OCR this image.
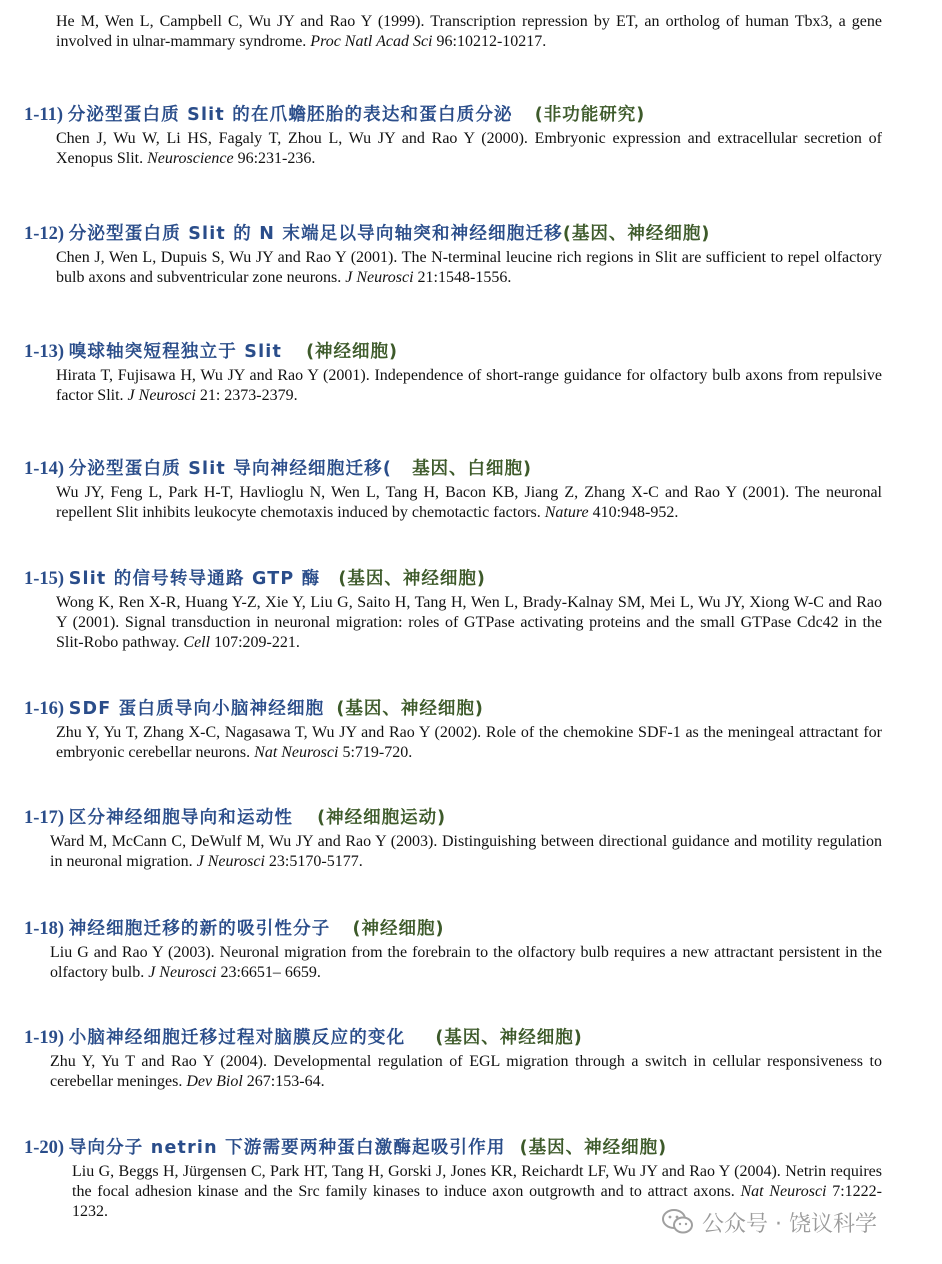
He M, Wen L, Campbell C, Wu JY and Rao Y (1999). Transcription repression by ET, an ortholog of human Tbx3, a gene involved in ulnar-mammary syndrome. Proc Natl Acad Sci 96:10212-10217.
1-11) 分泌型蛋白质 Slit 的在爪蟾胚胎的表达和蛋白质分泌 (非功能研究)
Chen J, Wu W, Li HS, Fagaly T, Zhou L, Wu JY and Rao Y (2000). Embryonic expression and extracellular secretion of Xenopus Slit. Neuroscience 96:231-236.
1-12) 分泌型蛋白质 Slit 的 N 末端足以导向轴突和神经细胞迁移(基因、神经细胞)
Chen J, Wen L, Dupuis S, Wu JY and Rao Y (2001). The N-terminal leucine rich regions in Slit are sufficient to repel olfactory bulb axons and subventricular zone neurons. J Neurosci 21:1548-1556.
1-13) 嗅球轴突短程独立于 Slit (神经细胞)
Hirata T, Fujisawa H, Wu JY and Rao Y (2001). Independence of short-range guidance for olfactory bulb axons from repulsive factor Slit. J Neurosci 21: 2373-2379.
1-14) 分泌型蛋白质 Slit 导向神经细胞迁移( 基因、白细胞)
Wu JY, Feng L, Park H-T, Havlioglu N, Wen L, Tang H, Bacon KB, Jiang Z, Zhang X-C and Rao Y (2001). The neuronal repellent Slit inhibits leukocyte chemotaxis induced by chemotactic factors. Nature 410:948-952.
1-15) Slit 的信号转导通路 GTP 酶 (基因、神经细胞)
Wong K, Ren X-R, Huang Y-Z, Xie Y, Liu G, Saito H, Tang H, Wen L, Brady-Kalnay SM, Mei L, Wu JY, Xiong W-C and Rao Y (2001). Signal transduction in neuronal migration: roles of GTPase activating proteins and the small GTPase Cdc42 in the Slit-Robo pathway. Cell 107:209-221.
1-16) SDF 蛋白质导向小脑神经细胞 (基因、神经细胞)
Zhu Y, Yu T, Zhang X-C, Nagasawa T, Wu JY and Rao Y (2002). Role of the chemokine SDF-1 as the meningeal attractant for embryonic cerebellar neurons. Nat Neurosci 5:719-720.
1-17) 区分神经细胞导向和运动性 (神经细胞运动)
Ward M, McCann C, DeWulf M, Wu JY and Rao Y (2003). Distinguishing between directional guidance and motility regulation in neuronal migration. J Neurosci 23:5170-5177.
1-18) 神经细胞迁移的新的吸引性分子 (神经细胞)
Liu G and Rao Y (2003). Neuronal migration from the forebrain to the olfactory bulb requires a new attractant persistent in the olfactory bulb. J Neurosci 23:6651– 6659.
1-19) 小脑神经细胞迁移过程对脑膜反应的变化 (基因、神经细胞)
Zhu Y, Yu T and Rao Y (2004). Developmental regulation of EGL migration through a switch in cellular responsiveness to cerebellar meninges. Dev Biol 267:153-64.
1-20) 导向分子 netrin 下游需要两种蛋白激酶起吸引作用 (基因、神经细胞)
Liu G, Beggs H, Jürgensen C, Park HT, Tang H, Gorski J, Jones KR, Reichardt LF, Wu JY and Rao Y (2004). Netrin requires the focal adhesion kinase and the Src family kinases to induce axon outgrowth and to attract axons. Nat Neurosci 7:1222-1232.	公众号 · 饶议科学
